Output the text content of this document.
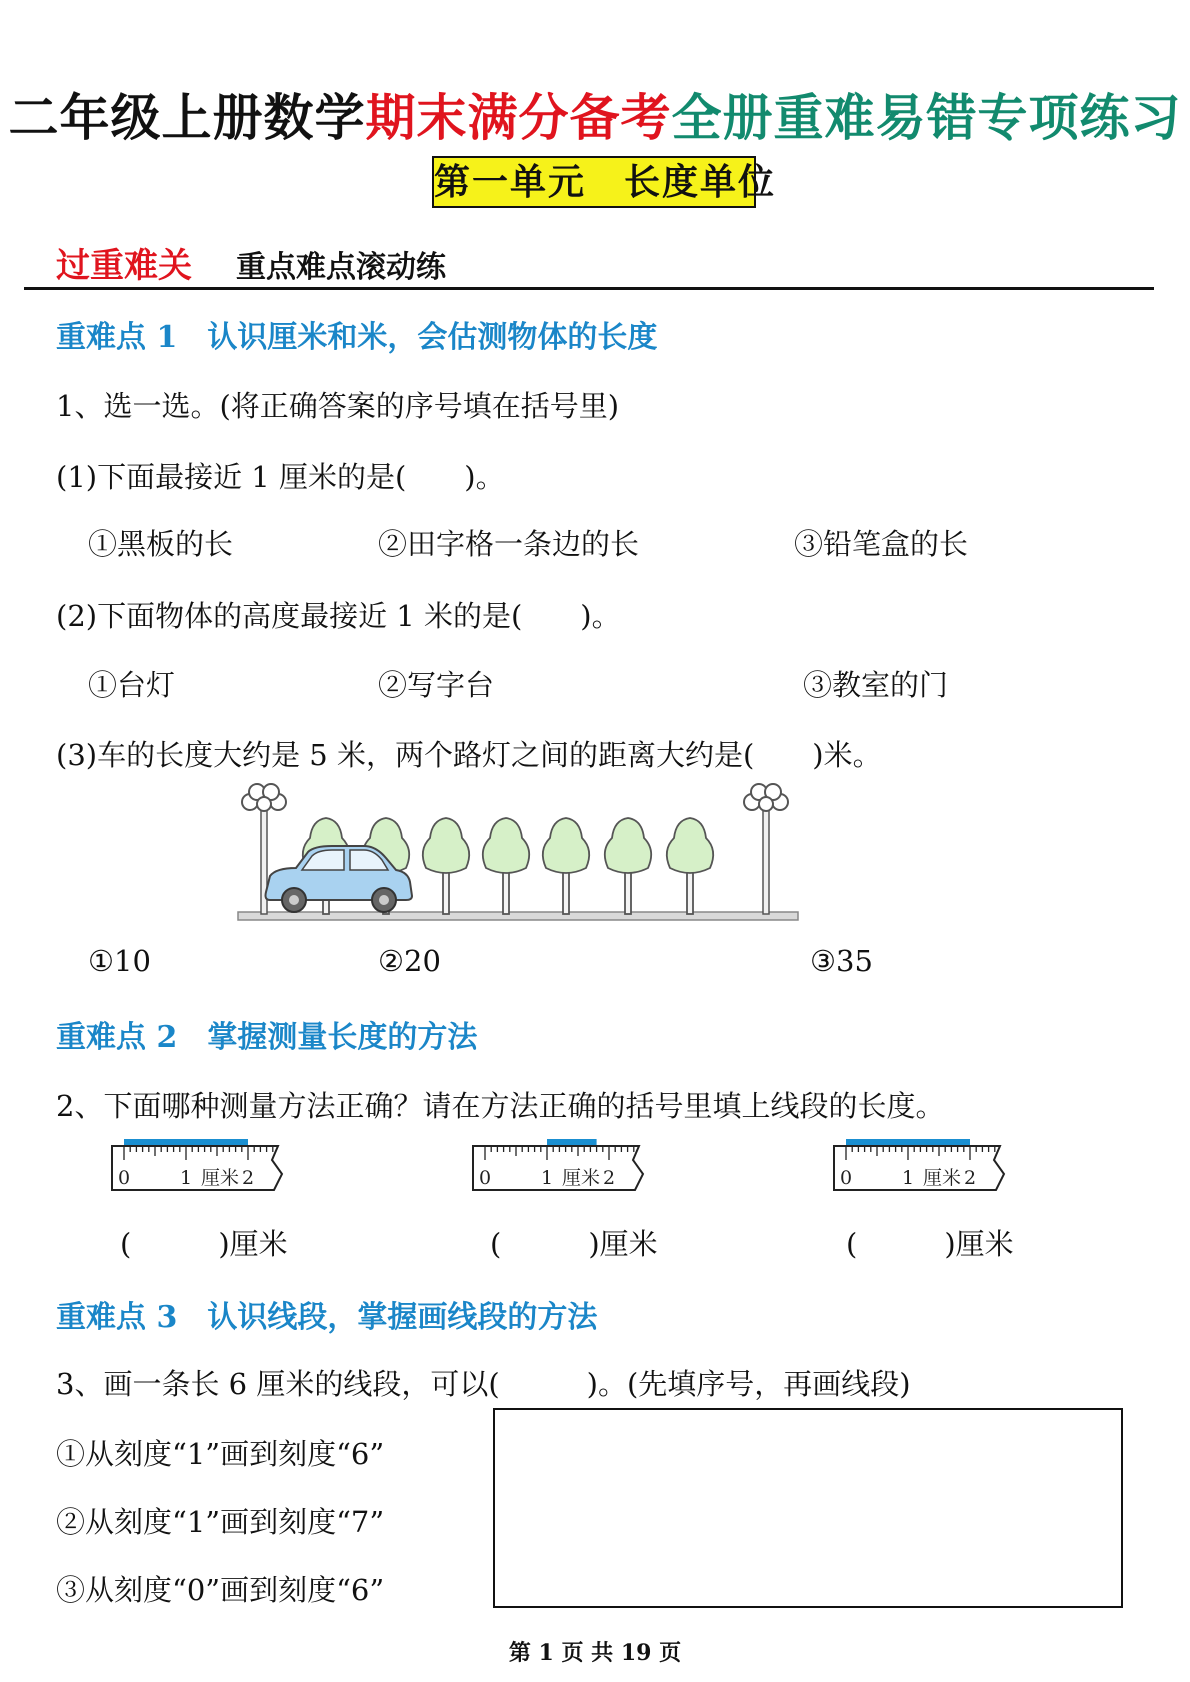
二年级上册数学期末满分备考全册重难易错专项练习
第一单元　长度单位
过重难关 重点难点滚动练
重难点 1　认识厘米和米，会估测物体的长度
1、选一选。(将正确答案的序号填在括号里)
(1)下面最接近 1 厘米的是(　　)。
①黑板的长	②田字格一条边的长	③铅笔盒的长
(2)下面物体的高度最接近 1 米的是(　　)。
①台灯	②写字台	③教室的门
(3)车的长度大约是 5 米，两个路灯之间的距离大约是(　　)米。
①10	②20	③35
重难点 2　掌握测量长度的方法
2、下面哪种测量方法正确？请在方法正确的括号里填上线段的长度。
0	1 厘米 2	0	1 厘米 2	0	1 厘米 2
(　　　)厘米	(　　　)厘米	(　　　)厘米
重难点 3　认识线段，掌握画线段的方法
3、画一条长 6 厘米的线段，可以(　　　)。(先填序号，再画线段)
①从刻度“1”画到刻度“6”
②从刻度“1”画到刻度“7”
③从刻度“0”画到刻度“6”
第 1 页 共 19 页
